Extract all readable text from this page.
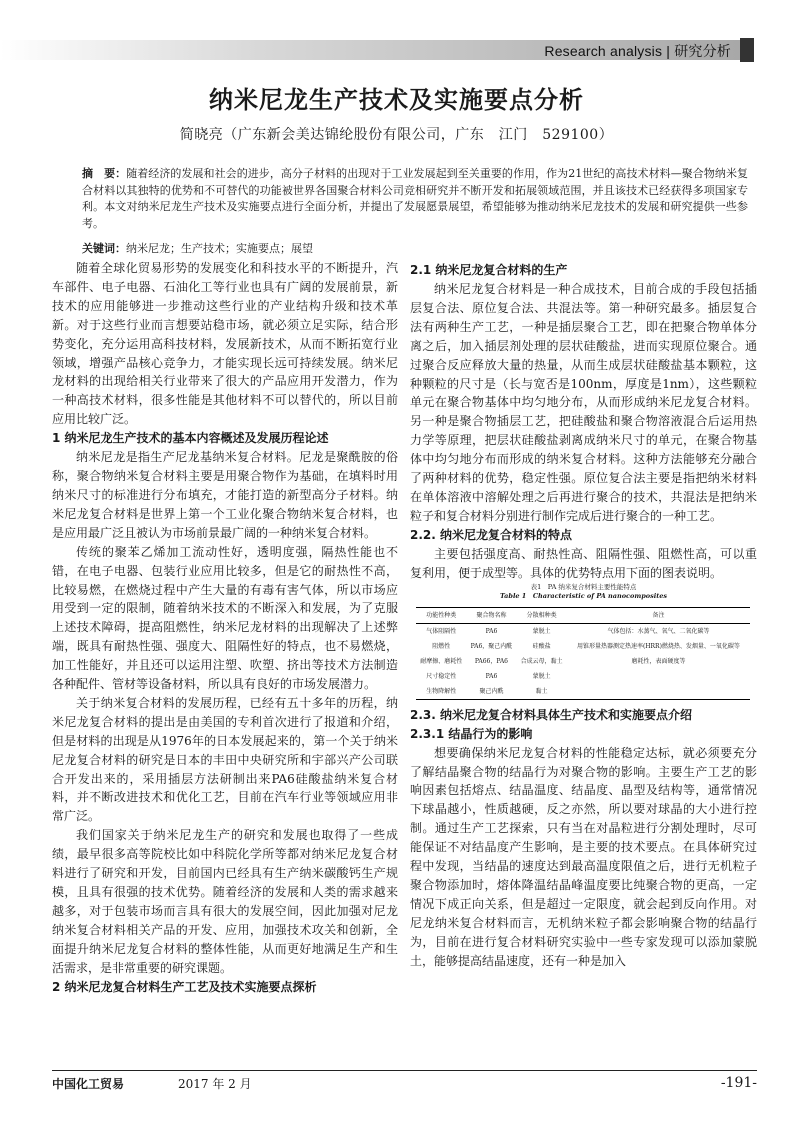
Research analysis | 研究分析
纳米尼龙生产技术及实施要点分析
简晓亮（广东新会美达锦纶股份有限公司，广东　江门　529100）
摘　要：随着经济的发展和社会的进步，高分子材料的出现对于工业发展起到至关重要的作用，作为21世纪的高技术材料—聚合物纳米复合材料以其独特的优势和不可替代的功能被世界各国聚合材料公司竞相研究并不断开发和拓展领域范围，并且该技术已经获得多项国家专利。本文对纳米尼龙生产技术及实施要点进行全面分析，并提出了发展愿景展望，希望能够为推动纳米尼龙技术的发展和研究提供一些参考。
关键词：纳米尼龙；生产技术；实施要点；展望

随着全球化贸易形势的发展变化和科技水平的不断提升，汽车部件、电子电器、石油化工等行业也具有广阔的发展前景，新技术的应用能够进一步推动这些行业的产业结构升级和技术革新。对于这些行业而言想要站稳市场，就必须立足实际，结合形势变化，充分运用高科技材料，发展新技术，从而不断拓宽行业领域，增强产品核心竞争力，才能实现长远可持续发展。纳米尼龙材料的出现给相关行业带来了很大的产品应用开发潜力，作为一种高技术材料，很多性能是其他材料不可以替代的，所以目前应用比较广泛。

1 纳米尼龙生产技术的基本内容概述及发展历程论述

纳米尼龙是指生产尼龙基纳米复合材料。尼龙是聚酰胺的俗称，聚合物纳米复合材料主要是用聚合物作为基础，在填料时用纳米尺寸的标准进行分布填充，才能打造的新型高分子材料。纳米尼龙复合材料是世界上第一个工业化聚合物纳米复合材料，也是应用最广泛且被认为市场前景最广阔的一种纳米复合材料。

传统的聚苯乙烯加工流动性好，透明度强，隔热性能也不错，在电子电器、包装行业应用比较多，但是它的耐热性不高，比较易燃，在燃烧过程中产生大量的有毒有害气体，所以市场应用受到一定的限制，随着纳米技术的不断深入和发展，为了克服上述技术障碍，提高阻燃性，纳米尼龙材料的出现解决了上述弊端，既具有耐热性强、强度大、阻隔性好的特点，也不易燃烧，加工性能好，并且还可以运用注塑、吹塑、挤出等技术方法制造各种配件、管材等设备材料，所以具有良好的市场发展潜力。

关于纳米复合材料的发展历程，已经有五十多年的历程，纳米尼龙复合材料的提出是由美国的专利首次进行了报道和介绍，但是材料的出现是从1976年的日本发展起来的，第一个关于纳米尼龙复合材料的研究是日本的丰田中央研究所和宇部兴产公司联合开发出来的，采用插层方法研制出来PA6硅酸盐纳米复合材料，并不断改进技术和优化工艺，目前在汽车行业等领域应用非常广泛。

我们国家关于纳米尼龙生产的研究和发展也取得了一些成绩，最早很多高等院校比如中科院化学所等都对纳米尼龙复合材料进行了研究和开发，目前国内已经具有生产纳米碳酸钙生产规模，且具有很强的技术优势。随着经济的发展和人类的需求越来越多，对于包装市场而言具有很大的发展空间，因此加强对尼龙纳米复合材料相关产品的开发、应用，加强技术攻关和创新，全面提升纳米尼龙复合材料的整体性能，从而更好地满足生产和生活需求，是非常重要的研究课题。

2 纳米尼龙复合材料生产工艺及技术实施要点探析
2.1 纳米尼龙复合材料的生产

纳米尼龙复合材料是一种合成技术，目前合成的手段包括插层复合法、原位复合法、共混法等。第一种研究最多。插层复合法有两种生产工艺，一种是插层聚合工艺，即在把聚合物单体分离之后，加入插层剂处理的层状硅酸盐，进而实现原位聚合。通过聚合反应释放大量的热量，从而生成层状硅酸盐基本颗粒，这种颗粒的尺寸是（长与宽否是100nm，厚度是1nm），这些颗粒单元在聚合物基体中均匀地分布，从而形成纳米尼龙复合材料。另一种是聚合物插层工艺，把硅酸盐和聚合物溶液混合后运用热力学等原理，把层状硅酸盐剥离成纳米尺寸的单元，在聚合物基体中均匀地分布而形成的纳米复合材料。这种方法能够充分融合了两种材料的优势，稳定性强。原位复合法主要是指把纳米材料在单体溶液中溶解处理之后再进行聚合的技术，共混法是把纳米粒子和复合材料分别进行制作完成后进行聚合的一种工艺。

2.2. 纳米尼龙复合材料的特点

主要包括强度高、耐热性高、阻隔性强、阻燃性高，可以重复利用，便于成型等。具体的优势特点用下面的图表说明。

表1　PA 纳米复合材料主要性能特点
Table 1　Characteristic of PA nanocomposites
功能性种类	聚合物名称	分散相种类	备注
气体阻隔性	PA6	蒙脱土	气体包括：水蒸气、氧气、二氧化碳等
阻燃性	PA6，聚己内酰	硅酸盐	用锥形量热器测定热速率(HRR)燃烧热、发烟量、一氧化碳等
耐摩擦、磨耗性	PA66，PA6	合成云母，黏土	磨耗性，表面硬度等
尺寸稳定性	PA6	蒙脱土	
生物降解性	聚己内酰	黏土	
2.3. 纳米尼龙复合材料具体生产技术和实施要点介绍
2.3.1 结晶行为的影响

想要确保纳米尼龙复合材料的性能稳定达标，就必须要充分了解结晶聚合物的结晶行为对聚合物的影响。主要生产工艺的影响因素包括熔点、结晶温度、结晶度、晶型及结构等，通常情况下球晶越小，性质越硬，反之亦然，所以要对球晶的大小进行控制。通过生产工艺探索，只有当在对晶粒进行分割处理时，尽可能保证不对结晶度产生影响，是主要的技术要点。在具体研究过程中发现，当结晶的速度达到最高温度限值之后，进行无机粒子聚合物添加时，熔体降温结晶峰温度要比纯聚合物的更高，一定情况下成正向关系，但是超过一定限度，就会起到反向作用。对尼龙纳米复合材料而言，无机纳米粒子都会影响聚合物的结晶行为，目前在进行复合材料研究实验中一些专家发现可以添加蒙脱土，能够提高结晶速度，还有一种是加入

中国化工贸易	2017 年 2 月	-191-
